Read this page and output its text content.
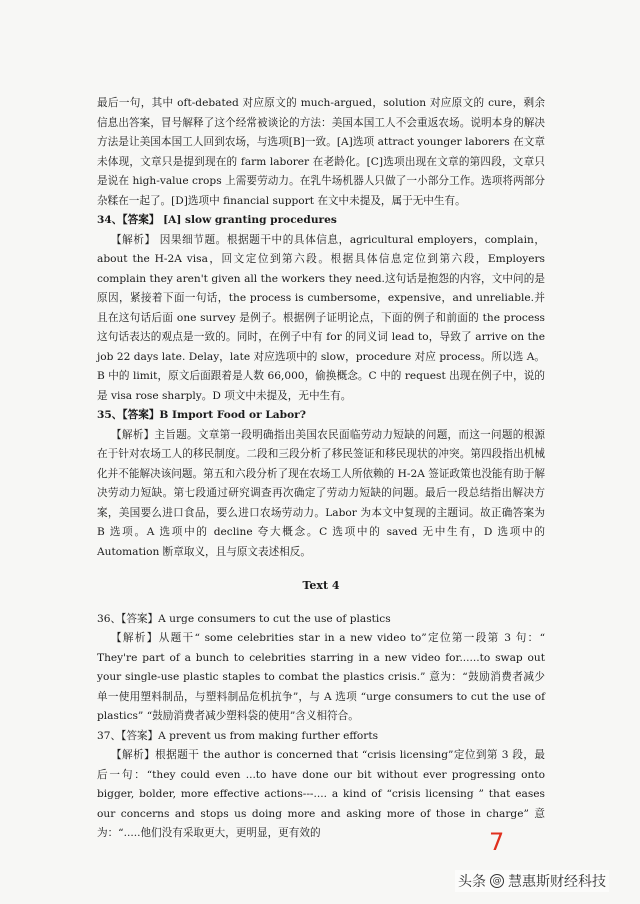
最后一句，其中 oft-debated 对应原文的 much-argued，solution 对应原文的 cure，剩余信息出答案，冒号解释了这个经常被谈论的方法：美国本国工人不会重返农场。说明本身的解决方法是让美国本国工人回到农场，与选项[B]一致。[A]选项 attract younger laborers 在文章未体现，文章只是提到现在的 farm laborer 在老龄化。[C]选项出现在文章的第四段，文章只是说在 high-value crops 上需要劳动力。在乳牛场机器人只做了一小部分工作。选项将两部分杂糅在一起了。[D]选项中 financial support 在文中未提及，属于无中生有。

34、【答案】 [A] slow granting procedures

【解析】 因果细节题。根据题干中的具体信息，agricultural employers，complain，about the H-2A visa，回文定位到第六段。根据具体信息定位到第六段，Employers complain they aren't given all the workers they need.这句话是抱怨的内容，文中问的是原因，紧接着下面一句话，the process is cumbersome，expensive，and unreliable.并且在这句话后面 one survey 是例子。根据例子证明论点，下面的例子和前面的 the process 这句话表达的观点是一致的。同时，在例子中有 for 的同义词 lead to，导致了 arrive on the job 22 days late. Delay，late 对应选项中的 slow，procedure 对应 process。所以选 A。 B 中的 limit，原文后面跟着是人数 66,000，偷换概念。C 中的 request 出现在例子中，说的是 visa rose sharply。D 项文中未提及，无中生有。

35、【答案】B Import Food or Labor?

【解析】主旨题。文章第一段明确指出美国农民面临劳动力短缺的问题，而这一问题的根源在于针对农场工人的移民制度。二段和三段分析了移民签证和移民现状的冲突。第四段指出机械化并不能解决该问题。第五和六段分析了现在农场工人所依赖的 H-2A 签证政策也没能有助于解决劳动力短缺。第七段通过研究调查再次确定了劳动力短缺的问题。最后一段总结指出解决方案，美国要么进口食品，要么进口农场劳动力。Labor 为本文中复现的主题词。故正确答案为 B 选项。A 选项中的 decline 夸大概念。C 选项中的 saved 无中生有，D 选项中的 Automation 断章取义，且与原文表述相反。

Text 4

36、【答案】A urge consumers to cut the use of plastics

【解析】从题干“ some celebrities star in a new video to”定位第一段第 3 句：“ They're part of a bunch to celebrities starring in a new video for......to swap out your single-use plastic staples to combat the plastics crisis.” 意为：“鼓励消费者减少单一使用塑料制品，与塑料制品危机抗争”，与 A 选项 “urge consumers to cut the use of plastics” “鼓励消费者减少塑料袋的使用”含义相符合。

37、【答案】A prevent us from making further efforts

【解析】根据题干 the author is concerned that “crisis licensing”定位到第 3 段，最后一句：“they could even ...to have done our bit without ever progressing onto bigger, bolder, more effective actions---.... a kind of “crisis licensing ” that eases our concerns and stops us doing more and asking more of those in charge” 意为：“.....他们没有采取更大，更明显，更有效的	7
头条 @ 慧惠斯财经科技
